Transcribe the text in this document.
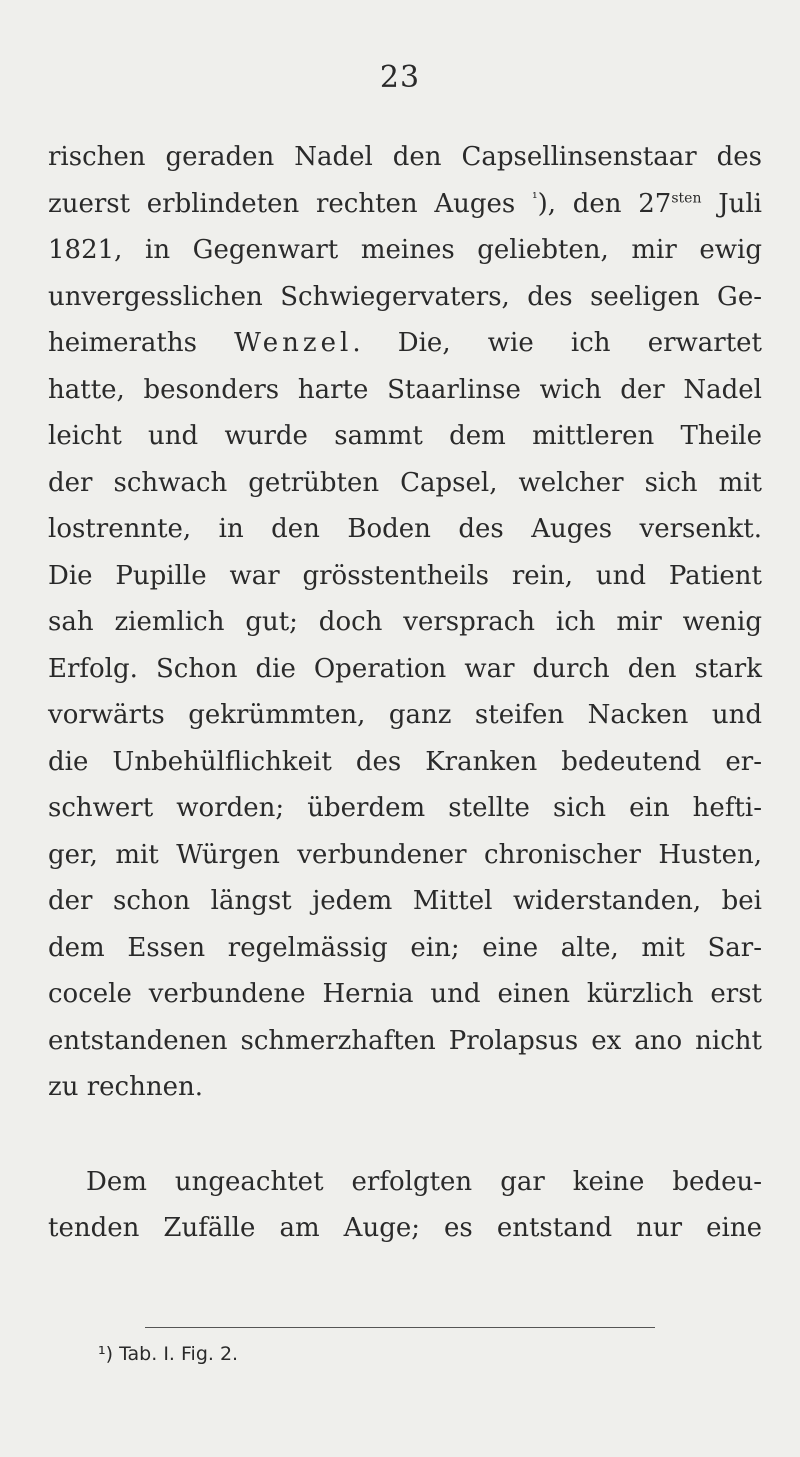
23
rischen geraden Nadel den Capsellinsenstaar des
zuerst erblindeten rechten Auges $^{^1}$), den $27^{sten}$ Juli
1821, in Gegenwart meines geliebten, mir ewig
unvergesslichen Schwiegervaters, des seeligen Ge-
heimeraths Wenzel. Die, wie ich erwartet
hatte, besonders harte Staarlinse wich der Nadel
leicht und wurde sammt dem mittleren Theile
der schwach getrübten Capsel, welcher sich mit
lostrennte, in den Boden des Auges versenkt.
Die Pupille war grösstentheils rein, und Patient
sah ziemlich gut; doch versprach ich mir wenig
Erfolg. Schon die Operation war durch den stark
vorwärts gekrümmten, ganz steifen Nacken und
die Unbehülflichkeit des Kranken bedeutend er-
schwert worden; überdem stellte sich ein hefti-
ger, mit Würgen verbundener chronischer Husten,
der schon längst jedem Mittel widerstanden, bei
dem Essen regelmässig ein; eine alte, mit Sar-
cocele verbundene Hernia und einen kürzlich erst
entstandenen schmerzhaften Prolapsus ex ano nicht
zu rechnen.
Dem ungeachtet erfolgten gar keine bedeu-
tenden Zufälle am Auge; es entstand nur eine
¹) Tab. I. Fig. 2.
